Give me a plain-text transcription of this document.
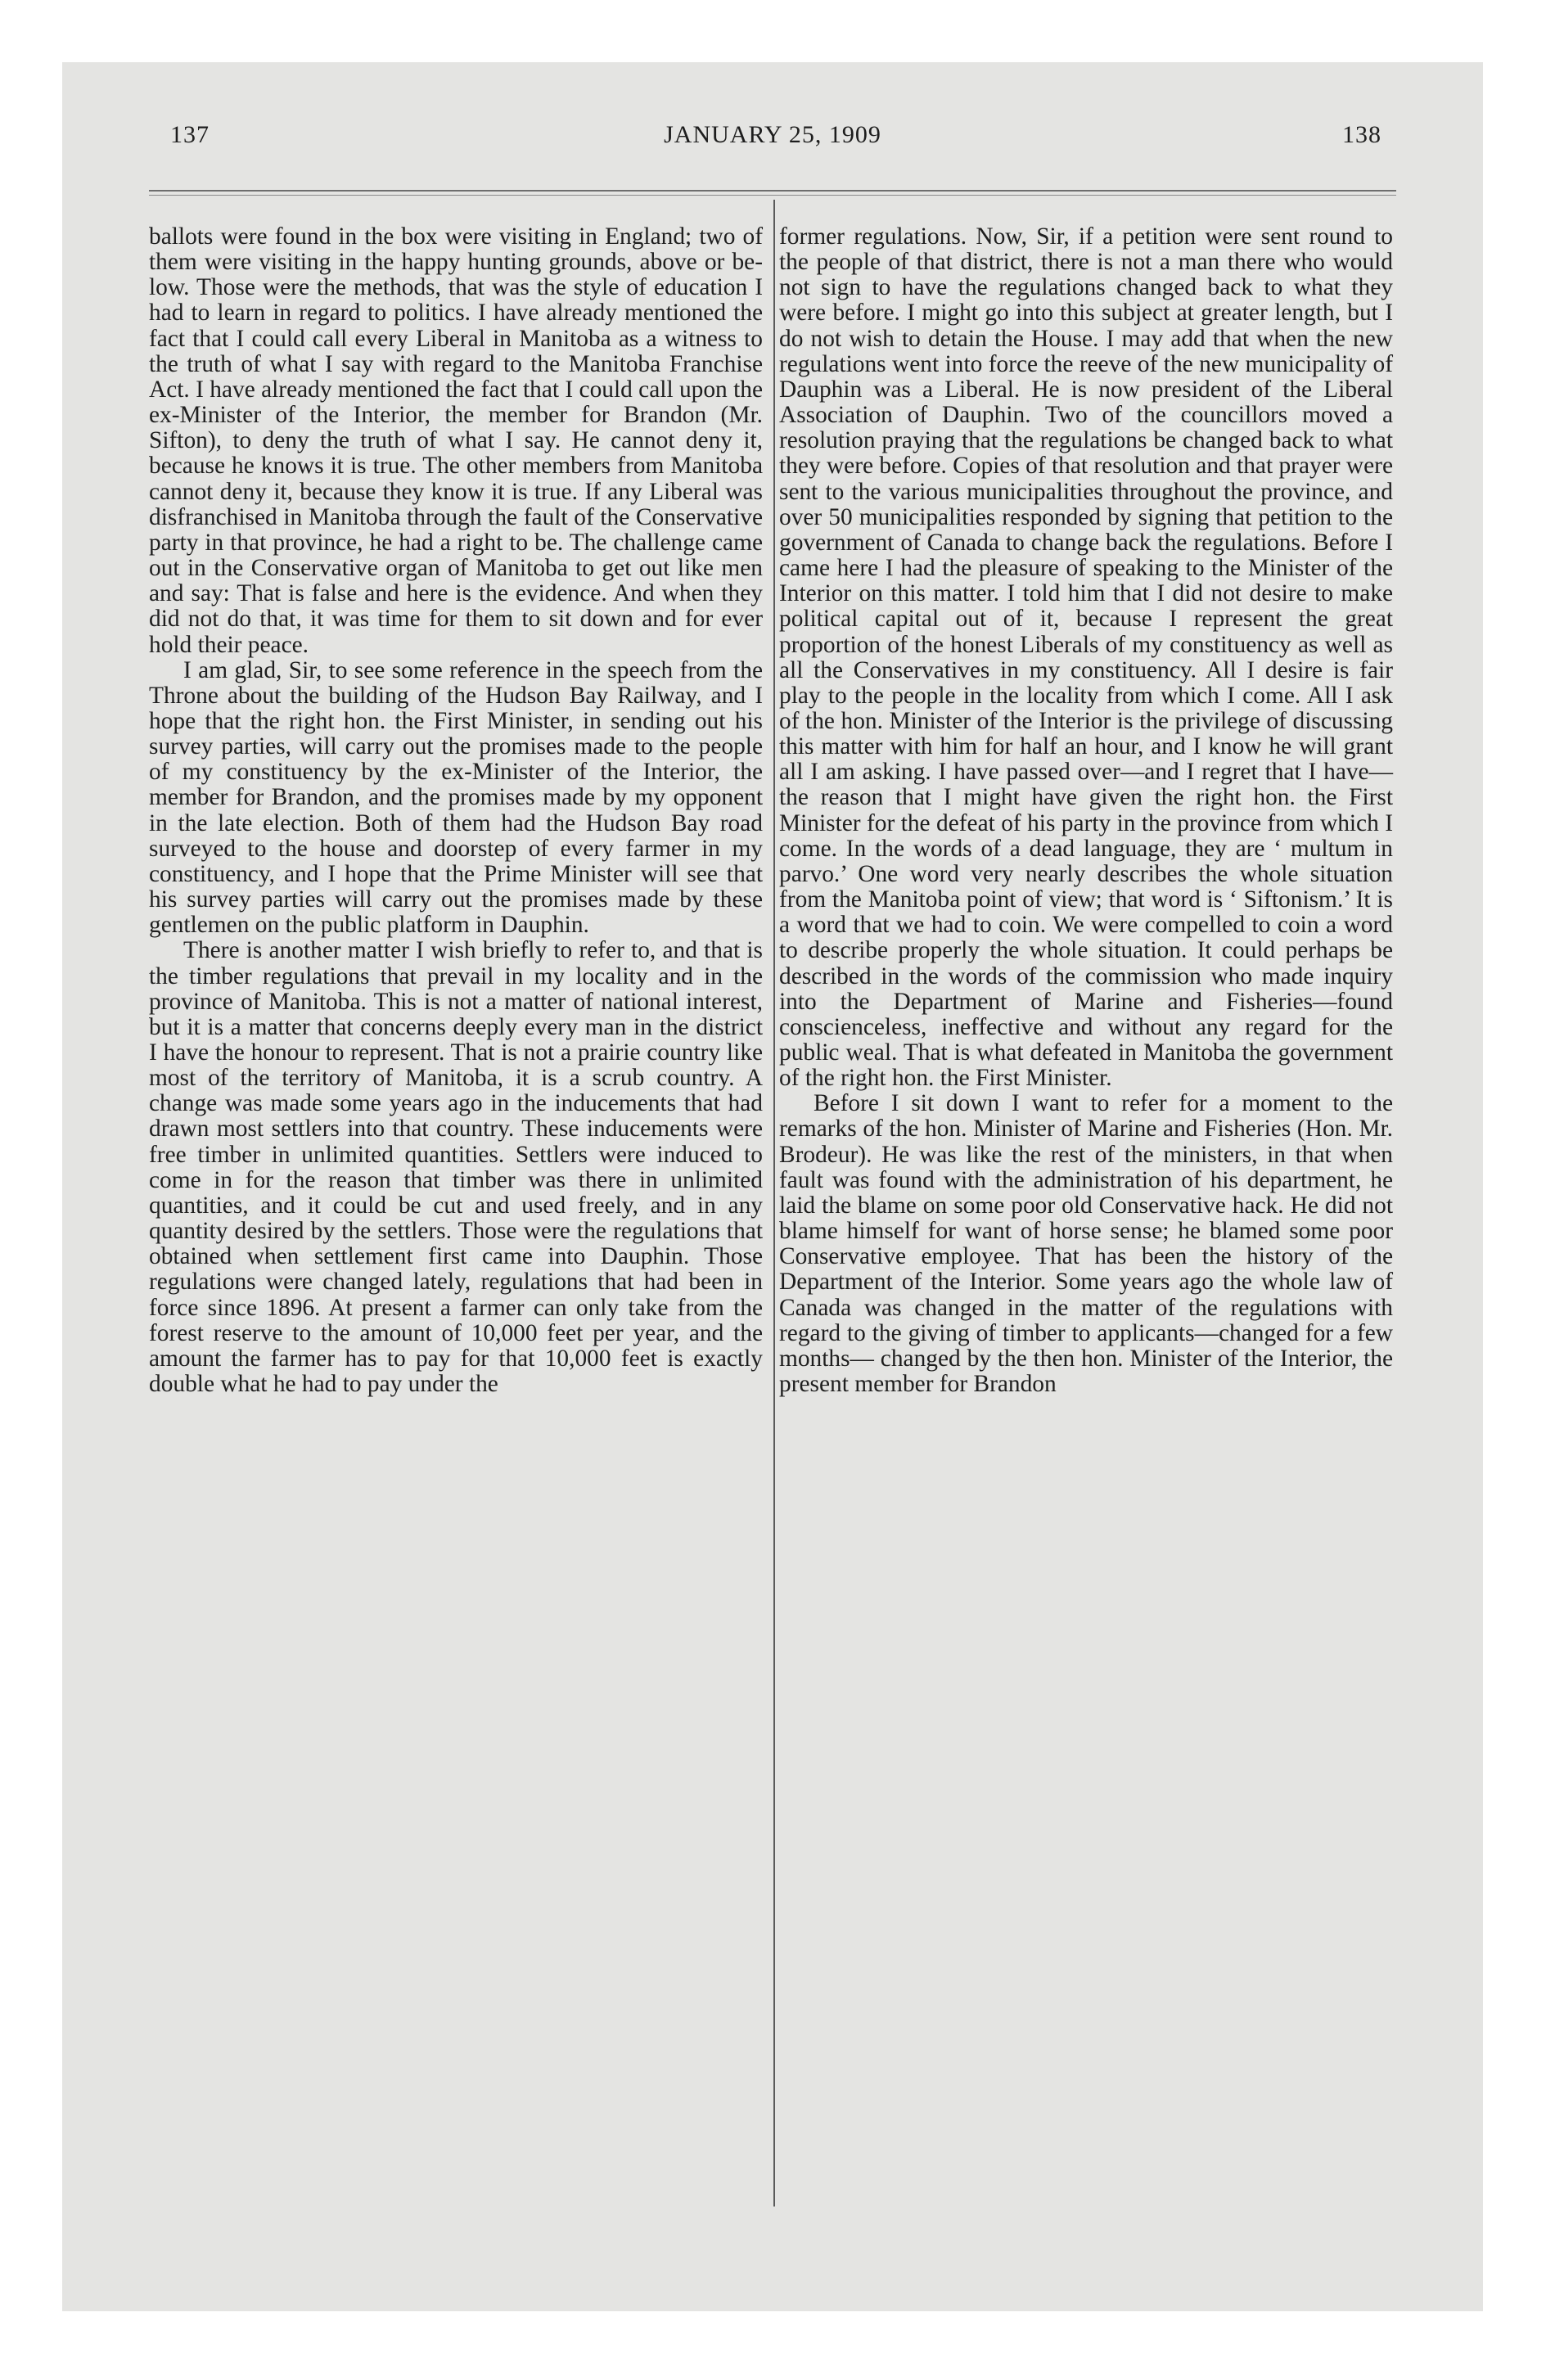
137	JANUARY 25, 1909	138

ballots were found in the box were visiting in England; two of them were visiting in the happy hunting grounds, above or below. Those were the methods, that was the style of education I had to learn in regard to politics. I have already mentioned the fact that I could call every Liberal in Manitoba as a witness to the truth of what I say with regard to the Manitoba Franchise Act. I have already mentioned the fact that I could call upon the ex-Minister of the Interior, the member for Brandon (Mr. Sifton), to deny the truth of what I say. He cannot deny it, because he knows it is true. The other members from Manitoba cannot deny it, because they know it is true. If any Liberal was disfranchised in Manitoba through the fault of the Conservative party in that province, he had a right to be. The challenge came out in the Conservative organ of Manitoba to get out like men and say: That is false and here is the evidence. And when they did not do that, it was time for them to sit down and for ever hold their peace.

I am glad, Sir, to see some reference in the speech from the Throne about the building of the Hudson Bay Railway, and I hope that the right hon. the First Minister, in sending out his survey parties, will carry out the promises made to the people of my constituency by the ex-Minister of the Interior, the member for Brandon, and the promises made by my opponent in the late election. Both of them had the Hudson Bay road surveyed to the house and doorstep of every farmer in my constituency, and I hope that the Prime Minister will see that his survey parties will carry out the promises made by these gentlemen on the public platform in Dauphin.

There is another matter I wish briefly to refer to, and that is the timber regulations that prevail in my locality and in the province of Manitoba. This is not a matter of national interest, but it is a matter that concerns deeply every man in the district I have the honour to represent. That is not a prairie country like most of the territory of Manitoba, it is a scrub country. A change was made some years ago in the inducements that had drawn most settlers into that country. These inducements were free timber in unlimited quantities. Settlers were induced to come in for the reason that timber was there in unlimited quantities, and it could be cut and used freely, and in any quantity desired by the settlers. Those were the regulations that obtained when settlement first came into Dauphin. Those regulations were changed lately, regulations that had been in force since 1896. At present a farmer can only take from the forest reserve to the amount of 10,000 feet per year, and the amount the farmer has to pay for that 10,000 feet is exactly double what he had to pay under the

former regulations. Now, Sir, if a petition were sent round to the people of that district, there is not a man there who would not sign to have the regulations changed back to what they were before. I might go into this subject at greater length, but I do not wish to detain the House. I may add that when the new regulations went into force the reeve of the new municipality of Dauphin was a Liberal. He is now president of the Liberal Association of Dauphin. Two of the councillors moved a resolution praying that the regulations be changed back to what they were before. Copies of that resolution and that prayer were sent to the various municipalities throughout the province, and over 50 municipalities responded by signing that petition to the government of Canada to change back the regulations. Before I came here I had the pleasure of speaking to the Minister of the Interior on this matter. I told him that I did not desire to make political capital out of it, because I represent the great proportion of the honest Liberals of my constituency as well as all the Conservatives in my constituency. All I desire is fair play to the people in the locality from which I come. All I ask of the hon. Minister of the Interior is the privilege of discussing this matter with him for half an hour, and I know he will grant all I am asking. I have passed over—and I regret that I have— the reason that I might have given the right hon. the First Minister for the defeat of his party in the province from which I come. In the words of a dead language, they are ‘ multum in parvo.’ One word very nearly describes the whole situation from the Manitoba point of view; that word is ‘ Siftonism.’ It is a word that we had to coin. We were compelled to coin a word to describe properly the whole situation. It could perhaps be described in the words of the commission who made inquiry into the Department of Marine and Fisheries—found conscienceless, ineffective and without any regard for the public weal. That is what defeated in Manitoba the government of the right hon. the First Minister.

Before I sit down I want to refer for a moment to the remarks of the hon. Minister of Marine and Fisheries (Hon. Mr. Brodeur). He was like the rest of the ministers, in that when fault was found with the administration of his department, he laid the blame on some poor old Conservative hack. He did not blame himself for want of horse sense; he blamed some poor Conservative employee. That has been the history of the Department of the Interior. Some years ago the whole law of Canada was changed in the matter of the regulations with regard to the giving of timber to applicants—changed for a few months— changed by the then hon. Minister of the Interior, the present member for Brandon
